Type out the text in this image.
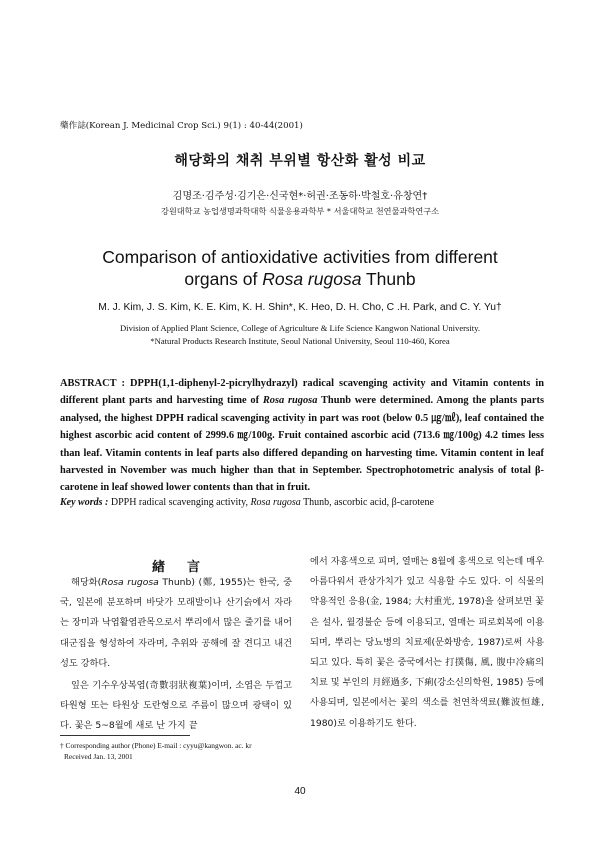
藥作誌(Korean J. Medicinal Crop Sci.) 9(1) : 40-44(2001)
해당화의 채취 부위별 항산화 활성 비교
김명조·김주성·김기은·신국현*·허권·조동하·박철호·유창연†
강원대학교 농업생명과학대학 식물응용과학부 * 서울대학교 천연물과학연구소
Comparison of antioxidative activities from different
organs of Rosa rugosa Thunb
M. J. Kim, J. S. Kim, K. E. Kim, K. H. Shin*, K. Heo, D. H. Cho, C .H. Park, and C. Y. Yu†
Division of Applied Plant Science, College of Agriculture & Life Science Kangwon National University.
*Natural Products Research Institute, Seoul National University, Seoul 110-460, Korea
ABSTRACT : DPPH(1,1-diphenyl-2-picrylhydrazyl) radical scavenging activity and Vitamin contents in different plant parts and harvesting time of Rosa rugosa Thunb were determined. Among the plants parts analysed, the highest DPPH radical scavenging activity in part was root (below 0.5 ㎍/㎖), leaf contained the highest ascorbic acid content of 2999.6 ㎎/100g. Fruit contained ascorbic acid (713.6 ㎎/100g) 4.2 times less than leaf. Vitamin contents in leaf parts also differed depanding on harvesting time. Vitamin content in leaf harvested in November was much higher than that in September. Spectrophotometric analysis of total β-carotene in leaf showed lower contents than that in fruit.
Key words : DPPH radical scavenging activity, Rosa rugosa Thunb, ascorbic acid, β-carotene
緖言

해당화(Rosa rugosa Thunb) (鄭, 1955)는 한국, 중국, 일본에 분포하며 바닷가 모래발이나 산기슭에서 자라는 장미과 낙엽활엽관목으로서 뿌리에서 많은 줄기를 내어 대군집을 형성하여 자라며, 추위와 공해에 잘 견디고 내건성도 강하다.

잎은 기수우상복엽(奇數羽狀複葉)이며, 소엽은 두껍고 타원형 또는 타원상 도란형으로 주름이 많으며 광택이 있다. 꽃은 5~8월에 새로 난 가지 끝

에서 자홍색으로 피며, 열매는 8월에 홍색으로 익는데 매우 아름다워서 관상가치가 있고 식용할 수도 있다. 이 식물의 약용적인 응용(金, 1984; 大村重光, 1978)을 살펴보면 꽃은 설사, 월경불순 등에 이용되고, 열매는 피로회복에 이용되며, 뿌리는 당뇨병의 치료제(문화방송, 1987)로써 사용되고 있다. 특히 꽃은 중국에서는 打撲傷, 風, 腹中冷痛의 치료 및 부인의 月經過多, 下痢(강소신의학원, 1985) 등에 사용되며, 일본에서는 꽃의 색소를 천연착색료(難波恒雄, 1980)로 이용하기도 한다.

† Corresponding author (Phone) E-mail : cyyu@kangwon. ac. kr
Received Jan. 13, 2001
40
